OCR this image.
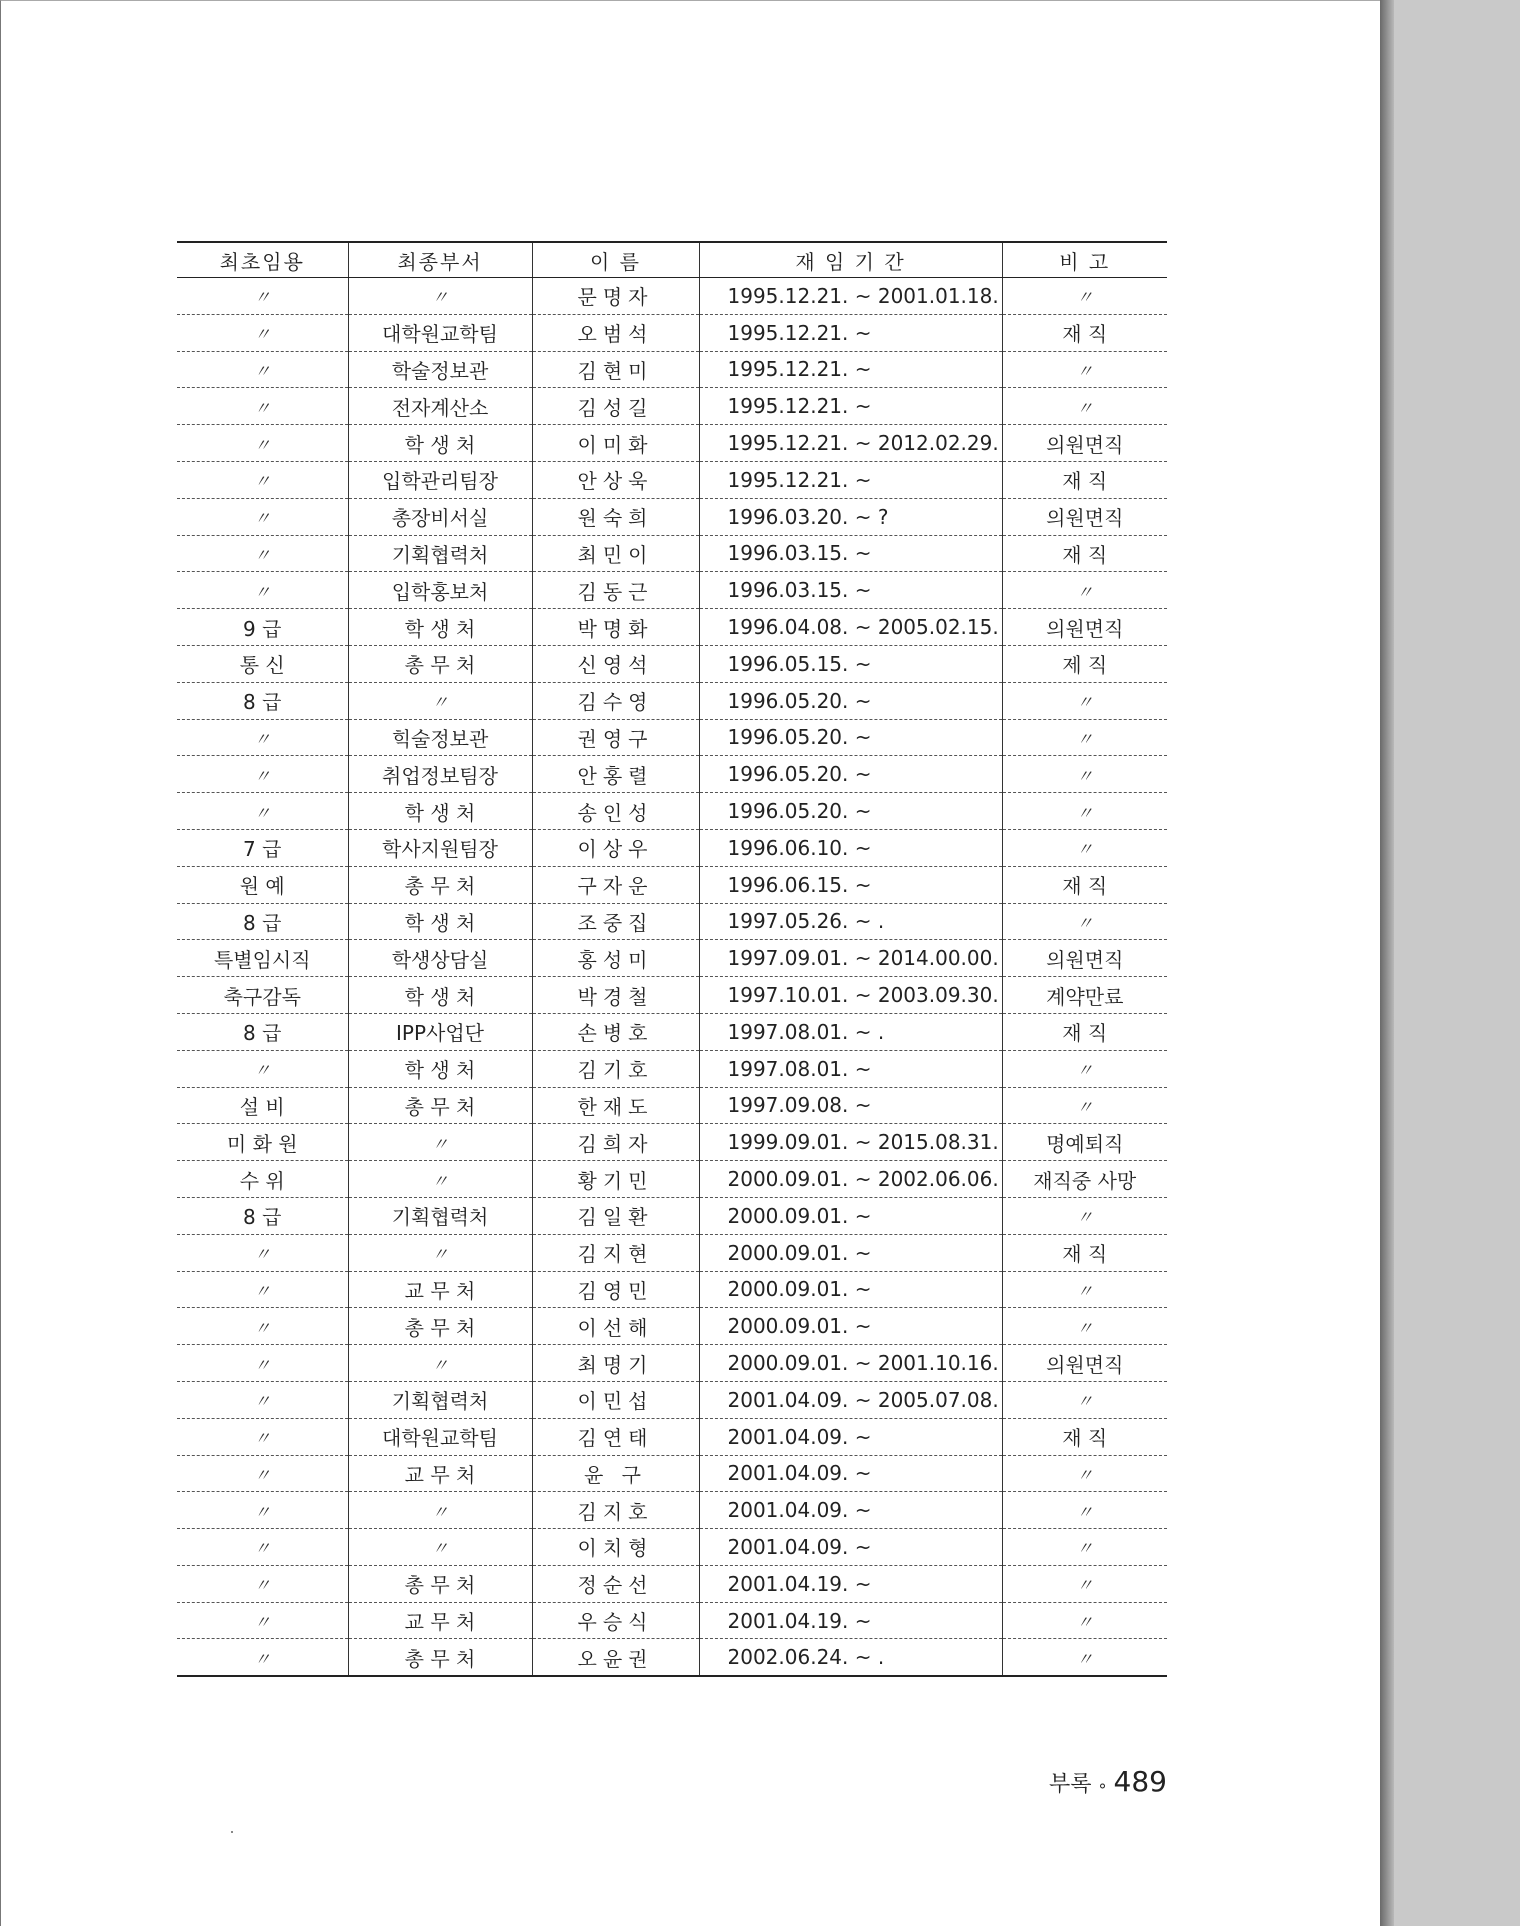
최초임용	최종부서	이 름	재 임 기 간	비 고
〃	〃	문명자	1995.12.21. ~ 2001.01.18.	〃
〃	대학원교학팀	오범석	1995.12.21. ~	재 직
〃	학술정보관	김현미	1995.12.21. ~	〃
〃	전자계산소	김성길	1995.12.21. ~	〃
〃	학 생 처	이미화	1995.12.21. ~ 2012.02.29.	의원면직
〃	입학관리팀장	안상욱	1995.12.21. ~	재 직
〃	총장비서실	원숙희	1996.03.20. ~ ?	의원면직
〃	기획협력처	최민이	1996.03.15. ~	재 직
〃	입학홍보처	김동근	1996.03.15. ~	〃
9 급	학 생 처	박명화	1996.04.08. ~ 2005.02.15.	의원면직
통 신	총 무 처	신영석	1996.05.15. ~	제 직
8 급	〃	김수영	1996.05.20. ~	〃
〃	힉술정보관	권영구	1996.05.20. ~	〃
〃	취업정보팀장	안홍렬	1996.05.20. ~	〃
〃	학 생 처	송인성	1996.05.20. ~	〃
7 급	학사지원팀장	이상우	1996.06.10. ~	〃
원 예	총 무 처	구자운	1996.06.15. ~	재 직
8 급	학 생 처	조중집	1997.05.26. ~ .	〃
특별임시직	학생상담실	홍성미	1997.09.01. ~ 2014.00.00.	의원면직
축구감독	학 생 처	박경철	1997.10.01. ~ 2003.09.30.	계약만료
8 급	IPP사업단	손병호	1997.08.01. ~ .	재 직
〃	학 생 처	김기호	1997.08.01. ~	〃
설 비	총 무 처	한재도	1997.09.08. ~	〃
미 화 원	〃	김희자	1999.09.01. ~ 2015.08.31.	명예퇴직
수 위	〃	황기민	2000.09.01. ~ 2002.06.06.	재직중 사망
8 급	기획협력처	김일환	2000.09.01. ~	〃
〃	〃	김지현	2000.09.01. ~	재 직
〃	교 무 처	김영민	2000.09.01. ~	〃
〃	총 무 처	이선해	2000.09.01. ~	〃
〃	〃	최명기	2000.09.01. ~ 2001.10.16.	의원면직
〃	기획협력처	이민섭	2001.04.09. ~ 2005.07.08.	〃
〃	대학원교학팀	김연태	2001.04.09. ~	재 직
〃	교 무 처	윤 구	2001.04.09. ~	〃
〃	〃	김지호	2001.04.09. ~	〃
〃	〃	이치형	2001.04.09. ~	〃
〃	총 무 처	정순선	2001.04.19. ~	〃
〃	교 무 처	우승식	2001.04.19. ~	〃
〃	총 무 처	오윤권	2002.06.24. ~ .	〃
부록 ∘ 489
